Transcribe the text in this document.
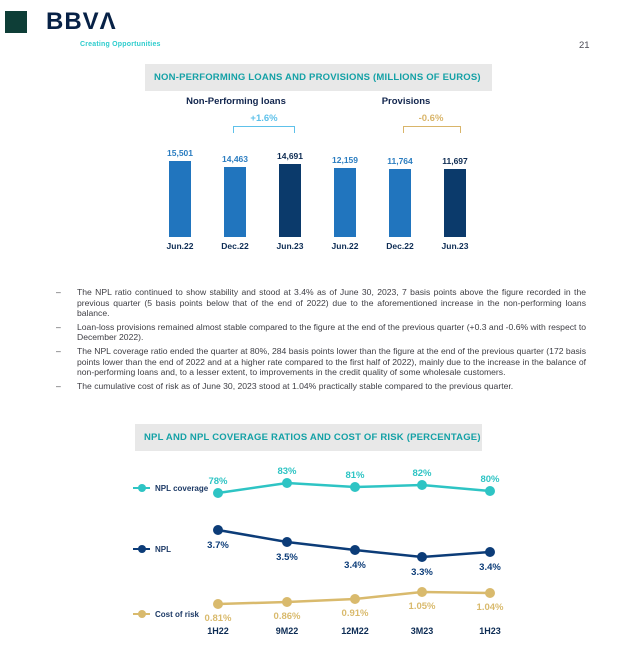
BBVΛ
Creating Opportunities	21
NON-PERFORMING LOANS AND PROVISIONS (MILLIONS OF EUROS)
Non-Performing loans	Provisions
+1.6%	-0.6%
15,501
Jun.22
14,463
Dec.22
14,691
Jun.23
12,159
Jun.22
11,764
Dec.22
11,697
Jun.23
–	The NPL ratio continued to show stability and stood at 3.4% as of June 30, 2023, 7 basis points above the figure recorded in the previous quarter (5 basis points below that of the end of 2022) due to the aforementioned increase in the non-performing loans balance.
–	Loan-loss provisions remained almost stable compared to the figure at the end of the previous quarter (+0.3 and -0.6% with respect to December 2022).
–	The NPL coverage ratio ended the quarter at 80%, 284 basis points lower than the figure at the end of the previous quarter (172 basis points lower than the end of 2022 and at a higher rate compared to the first half of 2022), mainly due to the increase in the balance of non-performing loans and, to a lesser extent, to improvements in the credit quality of some wholesale customers.
–	The cumulative cost of risk as of June 30, 2023 stood at 1.04% practically stable compared to the previous quarter.
NPL AND NPL COVERAGE RATIOS AND COST OF RISK (PERCENTAGE)
NPL coverage
NPL
Cost of risk
1H22	9M22	12M22	3M23	1H23
78%
83%	81%	82%
80%
3.7%
3.5%
3.4%
3.3%	3.4%
0.81%	0.86%	0.91%
1.05%	1.04%
